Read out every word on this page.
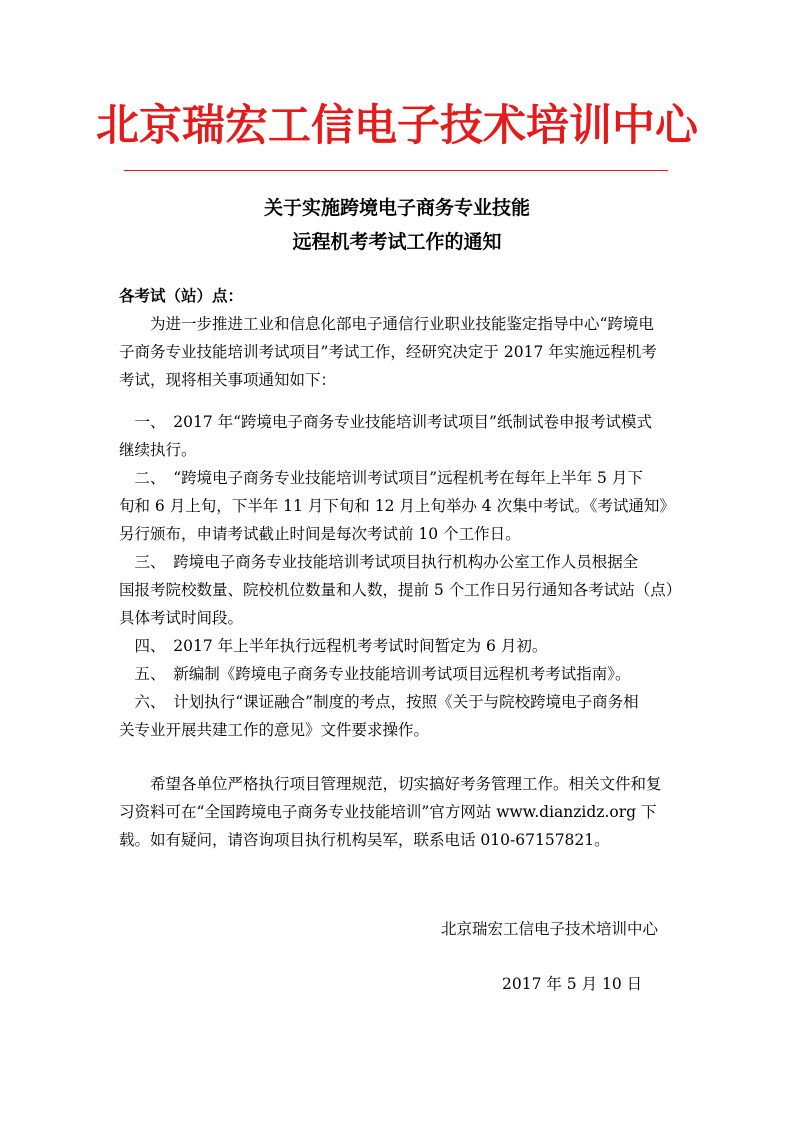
北京瑞宏工信电子技术培训中心
关于实施跨境电子商务专业技能
远程机考考试工作的通知
各考试（站）点：
　　为进一步推进工业和信息化部电子通信行业职业技能鉴定指导中心“跨境电
子商务专业技能培训考试项目”考试工作，经研究决定于 2017 年实施远程机考
考试，现将相关事项通知如下：
　一、　2017 年“跨境电子商务专业技能培训考试项目”纸制试卷申报考试模式
继续执行。
　二、　“跨境电子商务专业技能培训考试项目”远程机考在每年上半年 5 月下
旬和 6 月上旬，下半年 11 月下旬和 12 月上旬举办 4 次集中考试。《考试通知》
另行颁布，申请考试截止时间是每次考试前 10 个工作日。
　三、　跨境电子商务专业技能培训考试项目执行机构办公室工作人员根据全
国报考院校数量、院校机位数量和人数，提前 5 个工作日另行通知各考试站（点）
具体考试时间段。
　四、　2017 年上半年执行远程机考考试时间暂定为 6 月初。
　五、　新编制《跨境电子商务专业技能培训考试项目远程机考考试指南》。
　六、　计划执行“课证融合”制度的考点，按照《关于与院校跨境电子商务相
关专业开展共建工作的意见》文件要求操作。
　　希望各单位严格执行项目管理规范，切实搞好考务管理工作。相关文件和复
习资料可在“全国跨境电子商务专业技能培训”官方网站 www.dianzidz.org 下
载。如有疑问，请咨询项目执行机构吴军，联系电话 010-67157821。
北京瑞宏工信电子技术培训中心
2017 年 5 月 10 日
